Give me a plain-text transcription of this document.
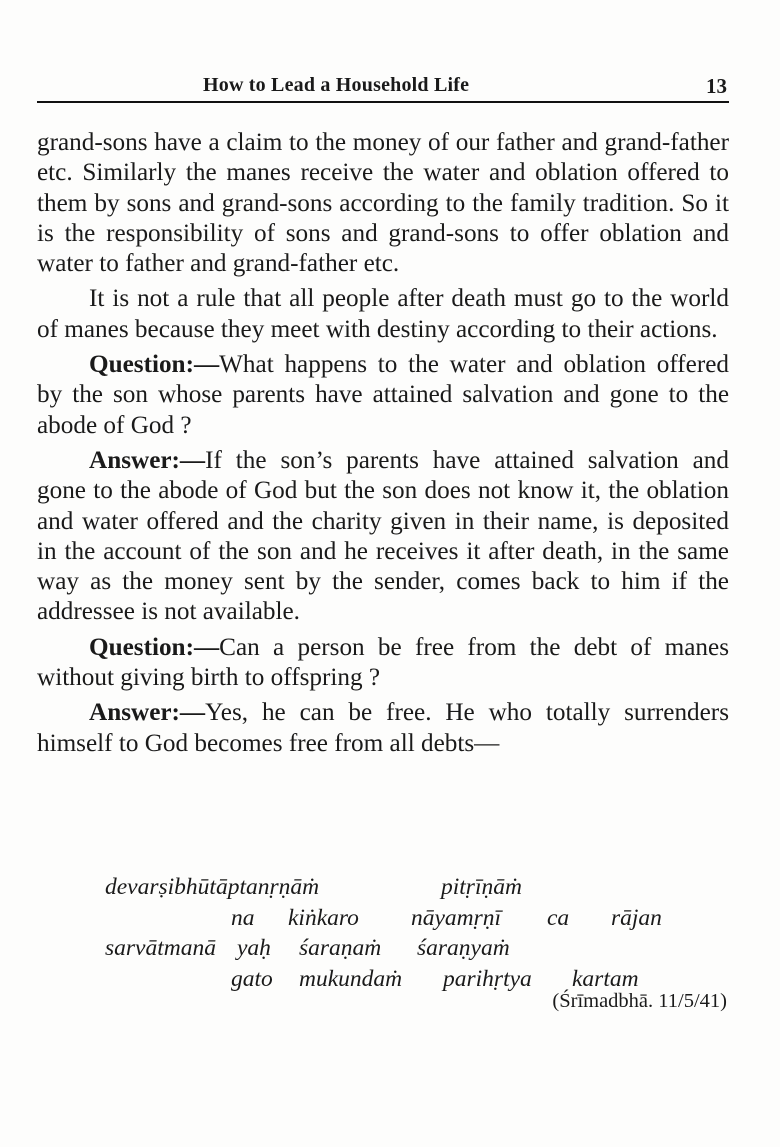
How to Lead a Household Life	13

grand-sons have a claim to the money of our father and grand-father etc. Similarly the manes receive the water and oblation offered to them by sons and grand-sons according to the family tradition. So it is the responsibility of sons and grand-sons to offer oblation and water to father and grand-father etc.

It is not a rule that all people after death must go to the world of manes because they meet with destiny according to their actions.

Question:—What happens to the water and oblation offered by the son whose parents have attained salvation and gone to the abode of God ?

Answer:—If the son’s parents have attained salvation and gone to the abode of God but the son does not know it, the oblation and water offered and the charity given in their name, is deposited in the account of the son and he receives it after death, in the same way as the money sent by the sender, comes back to him if the addressee is not available.

Question:—Can a person be free from the debt of manes without giving birth to offspring ?

Answer:—Yes, he can be free. He who totally surrenders himself to God becomes free from all debts—

devarṣibhūtāptanṛṇāṁ

	pitṛīṇāṁ

na

kiṅkaro

nāyamṛṇī

ca

rājan

sarvātmanā

yaḥ

śaraṇaṁ

śaraṇyaṁ

gato

mukundaṁ

parihṛtya

kartam

(Śrīmadbhā. 11/5/41)
